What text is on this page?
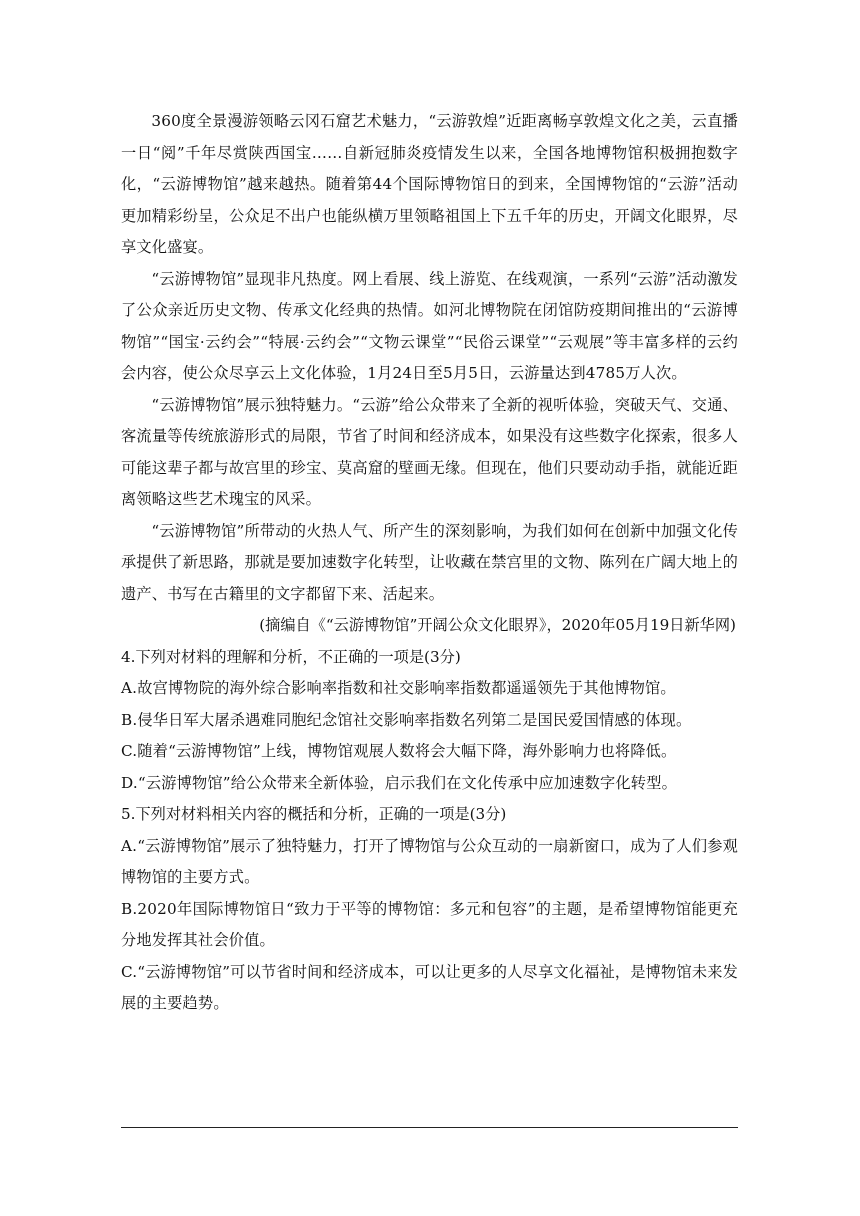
360度全景漫游领略云冈石窟艺术魅力，“云游敦煌”近距离畅享敦煌文化之美，云直播一日“阅”千年尽赏陕西国宝……自新冠肺炎疫情发生以来，全国各地博物馆积极拥抱数字化，“云游博物馆”越来越热。随着第44个国际博物馆日的到来，全国博物馆的“云游”活动更加精彩纷呈，公众足不出户也能纵横万里领略祖国上下五千年的历史，开阔文化眼界，尽享文化盛宴。

“云游博物馆”显现非凡热度。网上看展、线上游览、在线观演，一系列“云游”活动激发了公众亲近历史文物、传承文化经典的热情。如河北博物院在闭馆防疫期间推出的“云游博物馆”“国宝·云约会”“特展·云约会”“文物云课堂”“民俗云课堂”“云观展”等丰富多样的云约会内容，使公众尽享云上文化体验，1月24日至5月5日，云游量达到4785万人次。

“云游博物馆”展示独特魅力。“云游”给公众带来了全新的视听体验，突破天气、交通、客流量等传统旅游形式的局限，节省了时间和经济成本，如果没有这些数字化探索，很多人可能这辈子都与故宫里的珍宝、莫高窟的壁画无缘。但现在，他们只要动动手指，就能近距离领略这些艺术瑰宝的风采。

“云游博物馆”所带动的火热人气、所产生的深刻影响，为我们如何在创新中加强文化传承提供了新思路，那就是要加速数字化转型，让收藏在禁宫里的文物、陈列在广阔大地上的遗产、书写在古籍里的文字都留下来、活起来。

(摘编自《“云游博物馆”开阔公众文化眼界》，2020年05月19日新华网)

4.下列对材料的理解和分析，不正确的一项是(3分)

A.故宫博物院的海外综合影响率指数和社交影响率指数都遥遥领先于其他博物馆。

B.侵华日军大屠杀遇难同胞纪念馆社交影响率指数名列第二是国民爱国情感的体现。

C.随着“云游博物馆”上线，博物馆观展人数将会大幅下降，海外影响力也将降低。

D.“云游博物馆”给公众带来全新体验，启示我们在文化传承中应加速数字化转型。

5.下列对材料相关内容的概括和分析，正确的一项是(3分)

A.“云游博物馆”展示了独特魅力，打开了博物馆与公众互动的一扇新窗口，成为了人们参观博物馆的主要方式。

B.2020年国际博物馆日“致力于平等的博物馆：多元和包容”的主题，是希望博物馆能更充分地发挥其社会价值。

C.“云游博物馆”可以节省时间和经济成本，可以让更多的人尽享文化福祉，是博物馆未来发展的主要趋势。
